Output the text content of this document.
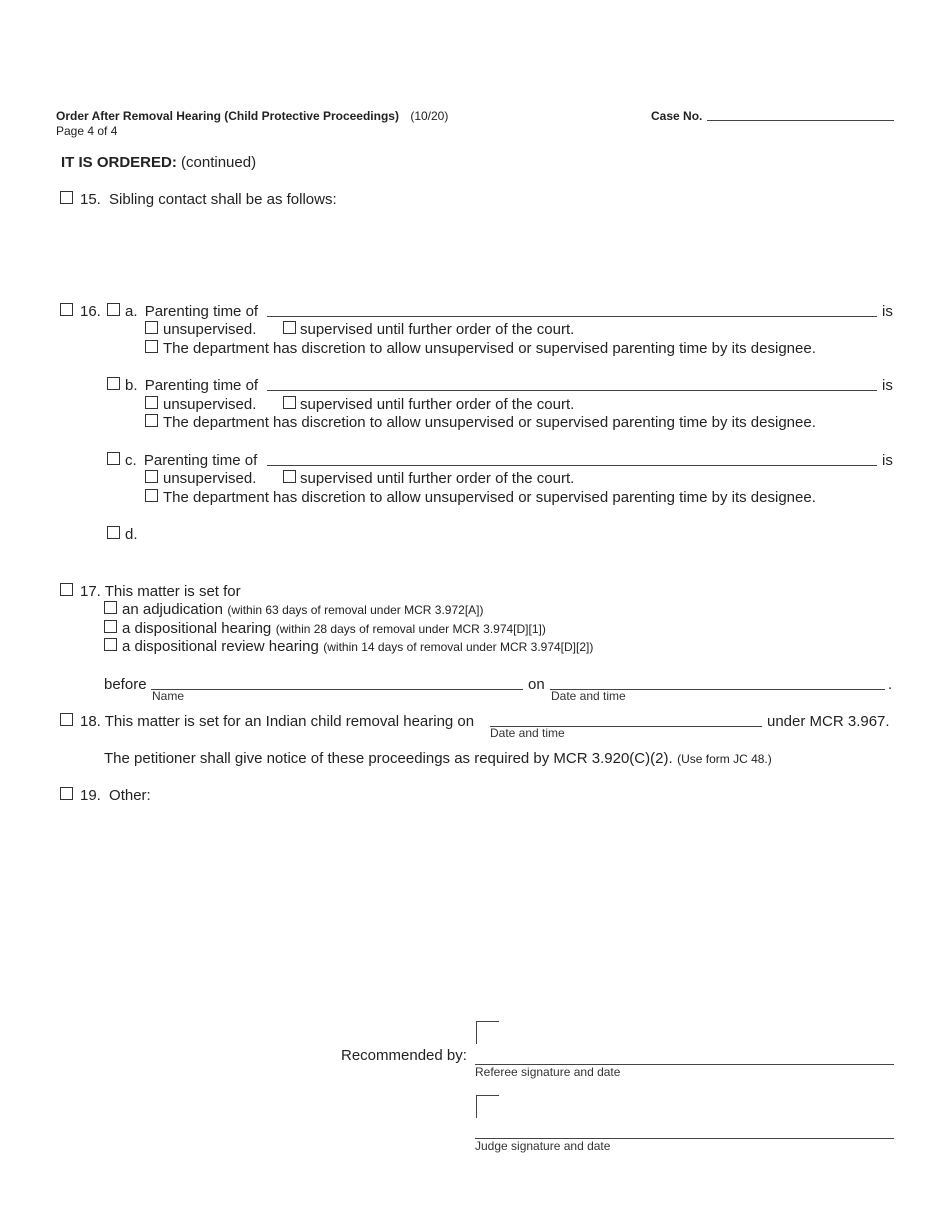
Order After Removal Hearing (Child Protective Proceedings) (10/20)
Page 4 of 4
Case No.
IT IS ORDERED: (continued)
15. Sibling contact shall be as follows:
16. a. Parenting time of	is
unsupervised.	supervised until further order of the court.
The department has discretion to allow unsupervised or supervised parenting time by its designee.
b. Parenting time of	is
unsupervised.	supervised until further order of the court.
The department has discretion to allow unsupervised or supervised parenting time by its designee.
c. Parenting time of	is
unsupervised.	supervised until further order of the court.
The department has discretion to allow unsupervised or supervised parenting time by its designee.
d.
17. This matter is set for
an adjudication (within 63 days of removal under MCR 3.972[A])
a dispositional hearing (within 28 days of removal under MCR 3.974[D][1])
a dispositional review hearing (within 14 days of removal under MCR 3.974[D][2])
before
Name
on
Date and time
.
18. This matter is set for an Indian child removal hearing on
Date and time
under MCR 3.967.
The petitioner shall give notice of these proceedings as required by MCR 3.920(C)(2). (Use form JC 48.)
19. Other:
Recommended by:
Referee signature and date
Judge signature and date
